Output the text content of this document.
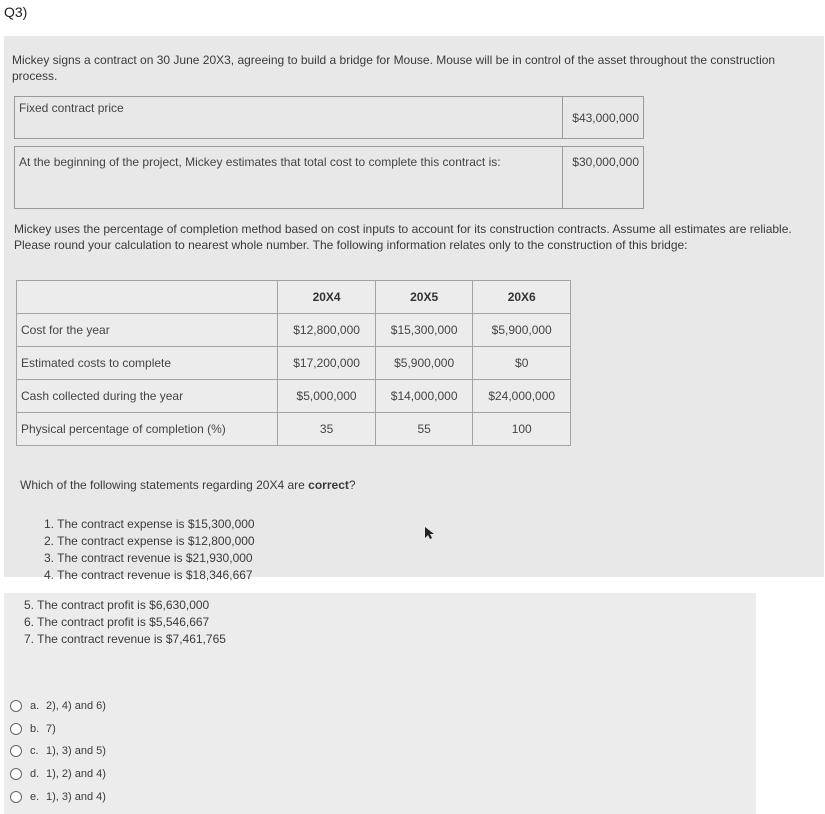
Q3)
Mickey signs a contract on 30 June 20X3, agreeing to build a bridge for Mouse. Mouse will be in control of the asset throughout the construction process.
Fixed contract price	$43,000,000
At the beginning of the project, Mickey estimates that total cost to complete this contract is:	$30,000,000
Mickey uses the percentage of completion method based on cost inputs to account for its construction contracts. Assume all estimates are reliable. Please round your calculation to nearest whole number. The following information relates only to the construction of this bridge:
	20X4	20X5	20X6
Cost for the year	$12,800,000	$15,300,000	$5,900,000
Estimated costs to complete	$17,200,000	$5,900,000	$0
Cash collected during the year	$5,000,000	$14,000,000	$24,000,000
Physical percentage of completion (%)	35	55	100
Which of the following statements regarding 20X4 are correct?
1. The contract expense is $15,300,000
2. The contract expense is $12,800,000
3. The contract revenue is $21,930,000
4. The contract revenue is $18,346,667
5. The contract profit is $6,630,000
6. The contract profit is $5,546,667
7. The contract revenue is $7,461,765
a. 2), 4) and 6)
b. 7)
c. 1), 3) and 5)
d. 1), 2) and 4)
e. 1), 3) and 4)
